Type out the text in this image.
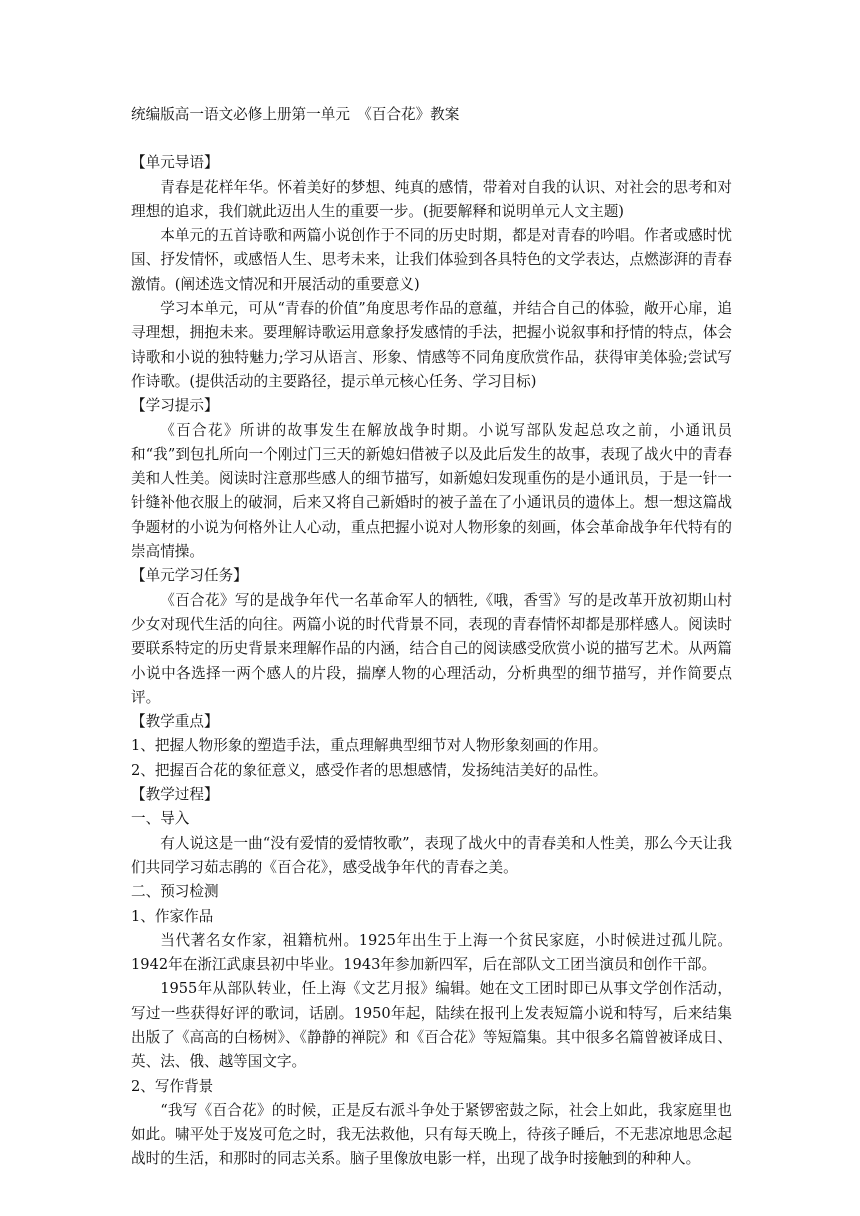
统编版高一语文必修上册第一单元　《百合花》教案

【单元导语】

青春是花样年华。怀着美好的梦想、纯真的感情，带着对自我的认识、对社会的思考和对理想的追求，我们就此迈出人生的重要一步。(扼要解释和说明单元人文主题)

本单元的五首诗歌和两篇小说创作于不同的历史时期，都是对青春的吟唱。作者或感时忧国、抒发情怀，或感悟人生、思考未来，让我们体验到各具特色的文学表达，点燃澎湃的青春激情。(阐述选文情况和开展活动的重要意义)

学习本单元，可从“青春的价值”角度思考作品的意蕴，并结合自己的体验，敞开心扉，追寻理想，拥抱未来。要理解诗歌运用意象抒发感情的手法，把握小说叙事和抒情的特点，体会诗歌和小说的独特魅力;学习从语言、形象、情感等不同角度欣赏作品，获得审美体验;尝试写作诗歌。(提供活动的主要路径，提示单元核心任务、学习目标)

【学习提示】

《百合花》所讲的故事发生在解放战争时期。小说写部队发起总攻之前，小通讯员和“我”到包扎所向一个刚过门三天的新媳妇借被子以及此后发生的故事，表现了战火中的青春美和人性美。阅读时注意那些感人的细节描写，如新媳妇发现重伤的是小通讯员，于是一针一针缝补他衣服上的破洞，后来又将自己新婚时的被子盖在了小通讯员的遗体上。想一想这篇战争题材的小说为何格外让人心动，重点把握小说对人物形象的刻画，体会革命战争年代特有的崇高情操。

【单元学习任务】

《百合花》写的是战争年代一名革命军人的牺牲,《哦，香雪》写的是改革开放初期山村少女对现代生活的向往。两篇小说的时代背景不同，表现的青春情怀却都是那样感人。阅读时要联系特定的历史背景来理解作品的内涵，结合自己的阅读感受欣赏小说的描写艺术。从两篇小说中各选择一两个感人的片段，揣摩人物的心理活动，分析典型的细节描写，并作简要点评。

【教学重点】

1、把握人物形象的塑造手法，重点理解典型细节对人物形象刻画的作用。

2、把握百合花的象征意义，感受作者的思想感情，发扬纯洁美好的品性。

【教学过程】

一、导入

有人说这是一曲“没有爱情的爱情牧歌”，表现了战火中的青春美和人性美，那么今天让我们共同学习茹志鹃的《百合花》，感受战争年代的青春之美。

二、预习检测

1、作家作品

当代著名女作家，祖籍杭州。1925年出生于上海一个贫民家庭，小时候进过孤儿院。1942年在浙江武康县初中毕业。1943年参加新四军，后在部队文工团当演员和创作干部。

1955年从部队转业，任上海《文艺月报》编辑。她在文工团时即已从事文学创作活动，写过一些获得好评的歌词，话剧。1950年起，陆续在报刊上发表短篇小说和特写，后来结集出版了《高高的白杨树》、《静静的禅院》和《百合花》等短篇集。其中很多名篇曾被译成日、英、法、俄、越等国文字。

2、写作背景

“我写《百合花》的时候，正是反右派斗争处于紧锣密鼓之际，社会上如此，我家庭里也如此。啸平处于岌岌可危之时，我无法救他，只有每天晚上，待孩子睡后，不无悲凉地思念起战时的生活，和那时的同志关系。脑子里像放电影一样，出现了战争时接触到的种种人。
